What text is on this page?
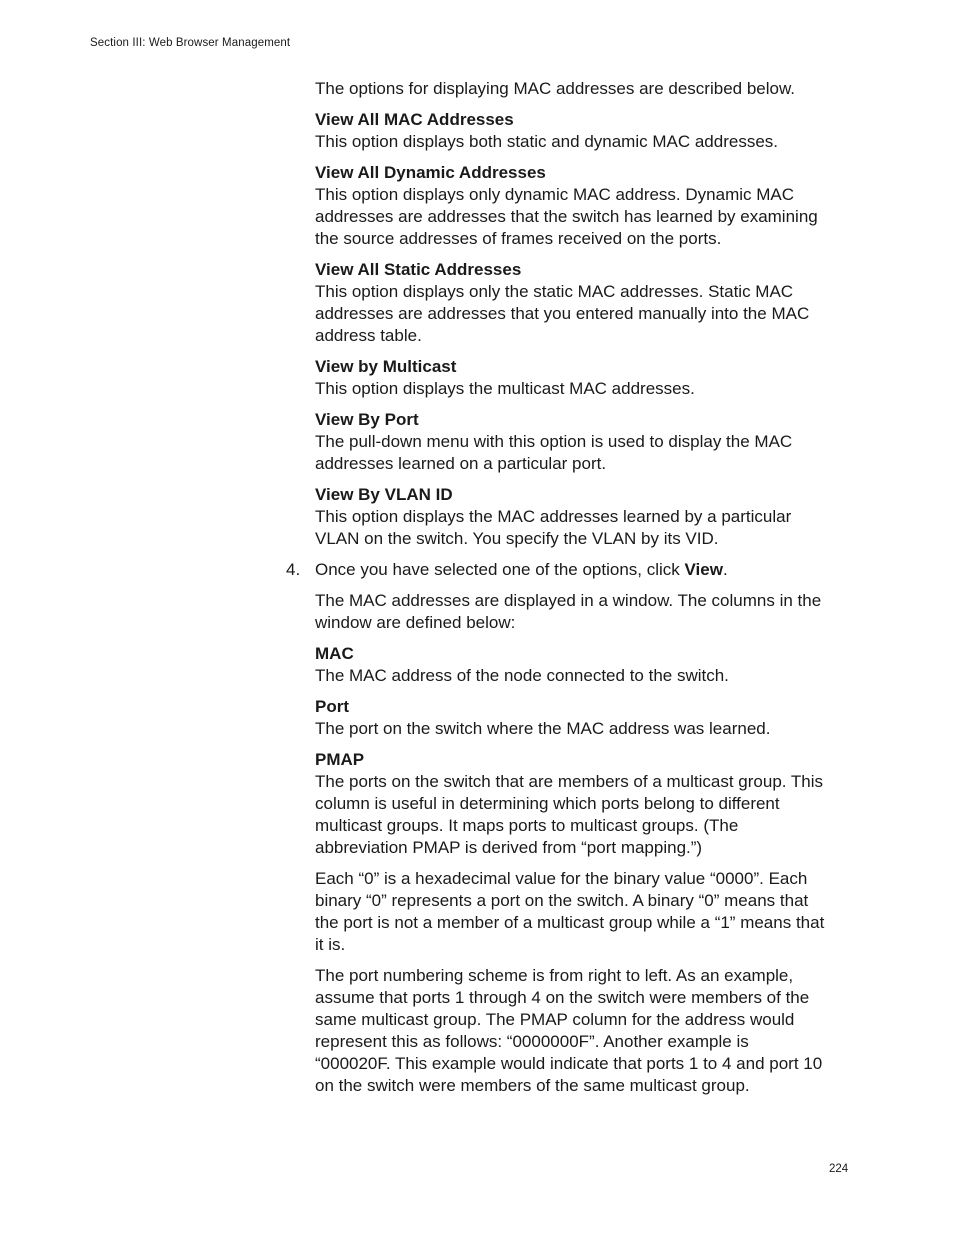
Section III: Web Browser Management

The options for displaying MAC addresses are described below.

View All MAC Addresses

This option displays both static and dynamic MAC addresses.

View All Dynamic Addresses

This option displays only dynamic MAC address. Dynamic MAC addresses are addresses that the switch has learned by examining the source addresses of frames received on the ports.

View All Static Addresses

This option displays only the static MAC addresses. Static MAC addresses are addresses that you entered manually into the MAC address table.

View by Multicast

This option displays the multicast MAC addresses.

View By Port

The pull-down menu with this option is used to display the MAC addresses learned on a particular port.

View By VLAN ID

This option displays the MAC addresses learned by a particular VLAN on the switch. You specify the VLAN by its VID.

4. Once you have selected one of the options, click View.

The MAC addresses are displayed in a window. The columns in the window are defined below:

MAC

The MAC address of the node connected to the switch.

Port

The port on the switch where the MAC address was learned.

PMAP

The ports on the switch that are members of a multicast group. This column is useful in determining which ports belong to different multicast groups. It maps ports to multicast groups. (The abbreviation PMAP is derived from “port mapping.”)

Each “0” is a hexadecimal value for the binary value “0000”. Each binary “0” represents a port on the switch. A binary “0” means that the port is not a member of a multicast group while a “1” means that it is.

The port numbering scheme is from right to left. As an example, assume that ports 1 through 4 on the switch were members of the same multicast group. The PMAP column for the address would represent this as follows: “0000000F”. Another example is “000020F. This example would indicate that ports 1 to 4 and port 10 on the switch were members of the same multicast group.

224
